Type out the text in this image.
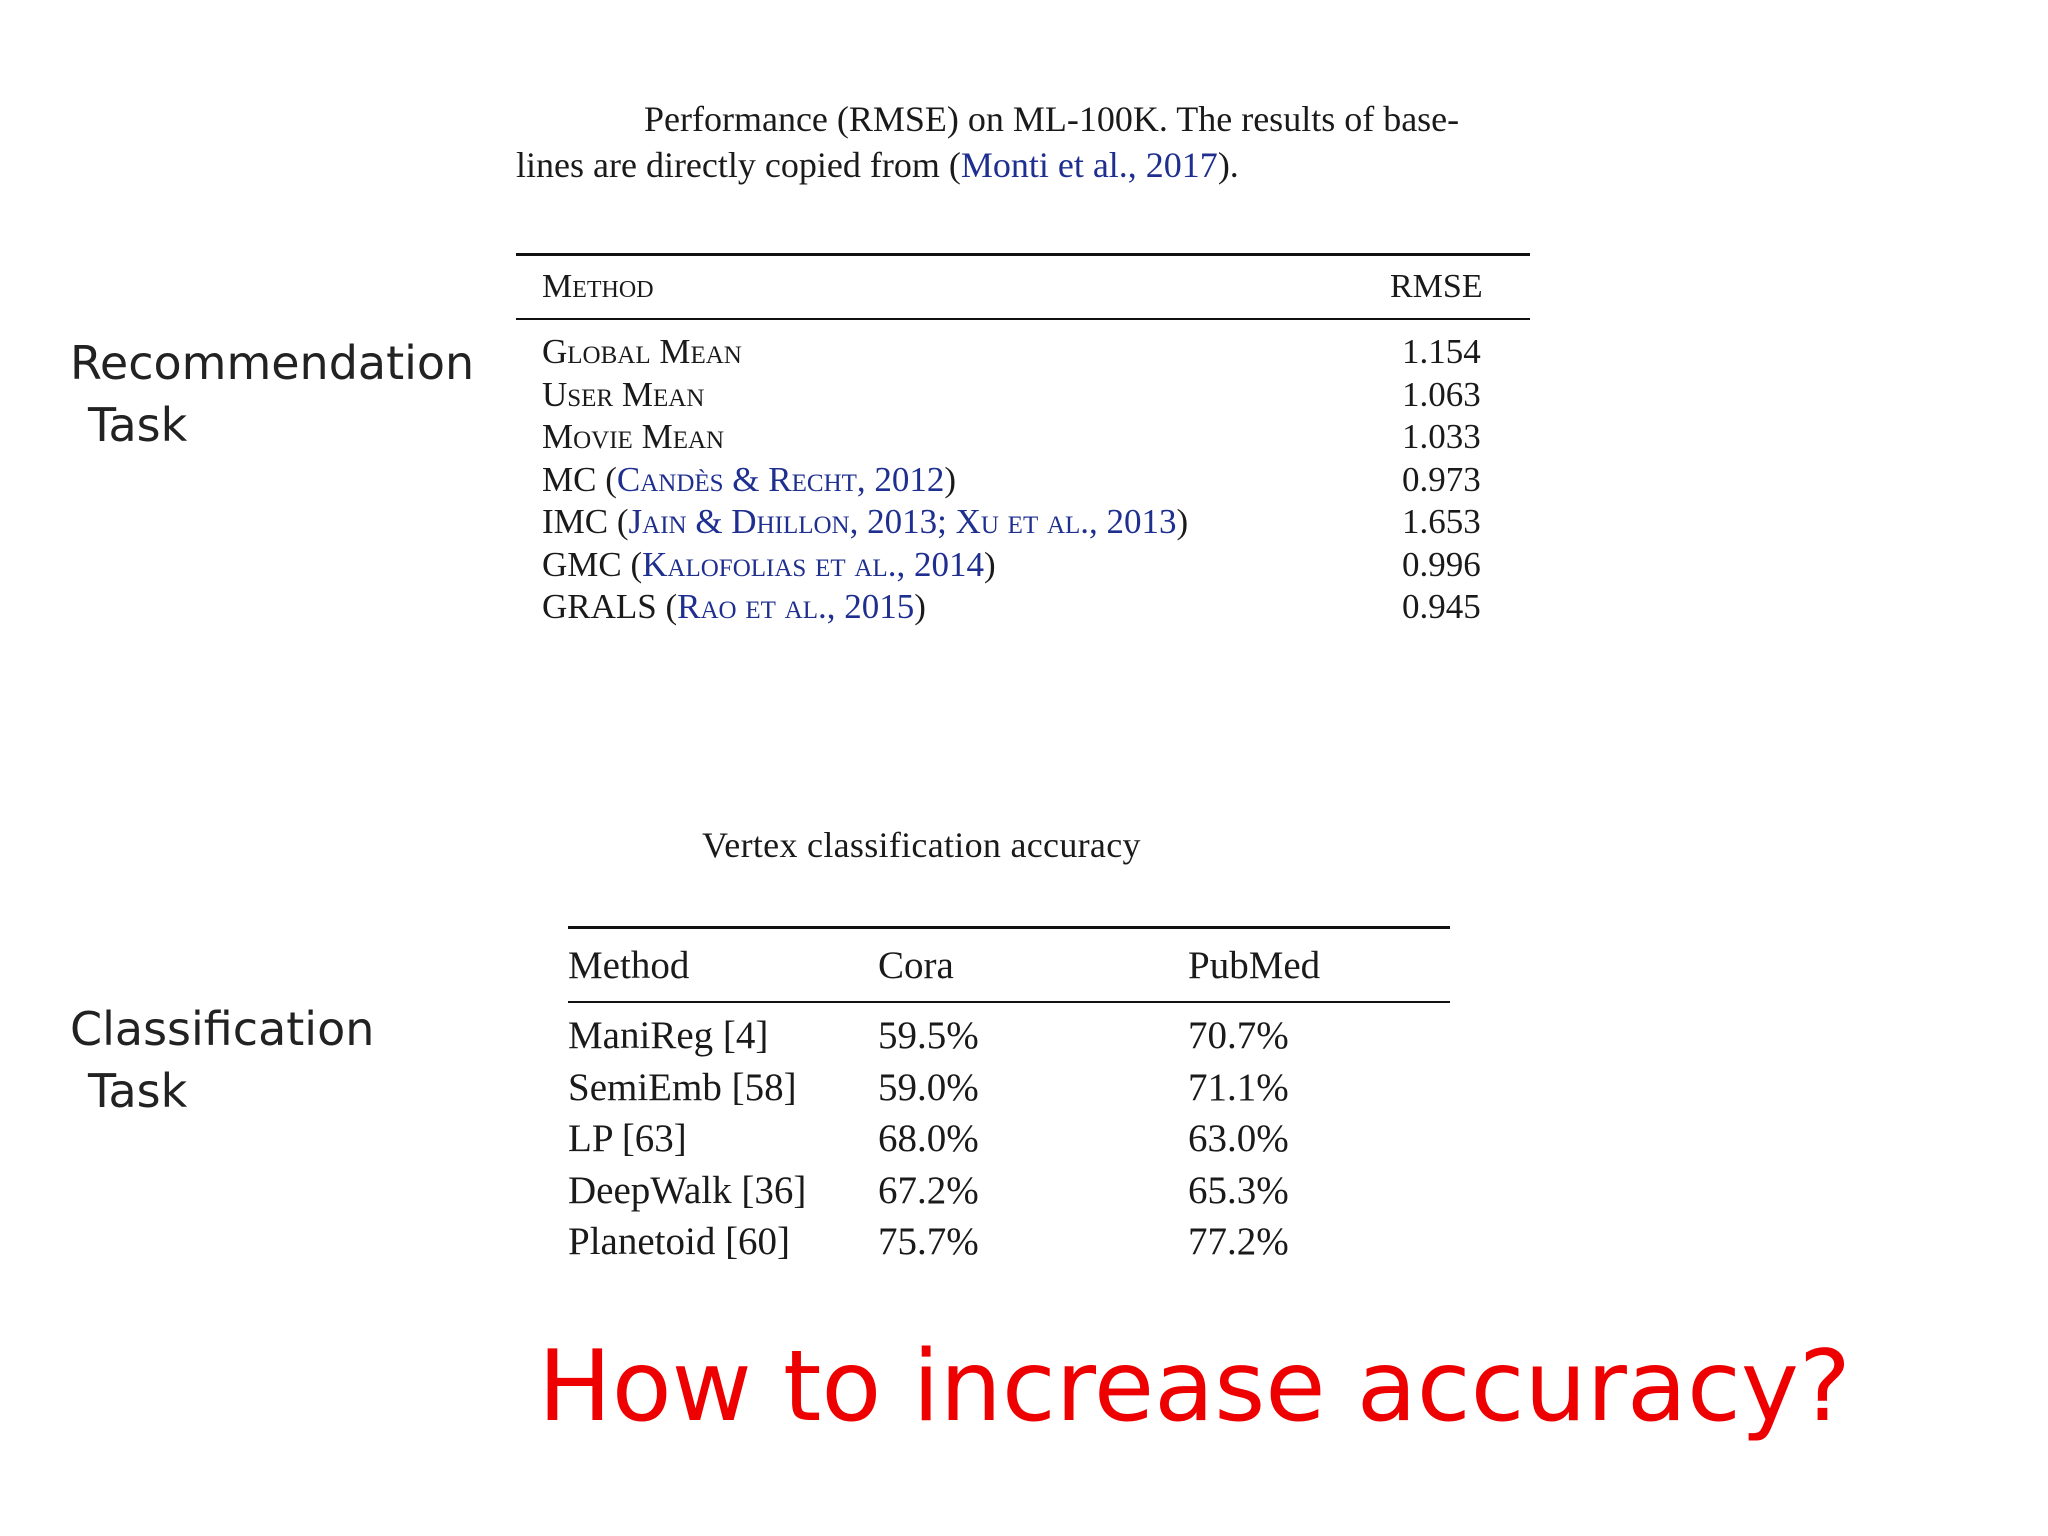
Recommendation
Task
Classification
Task
Performance (RMSE) on ML-100K. The results of base-
lines are directly copied from (Monti et al., 2017).
Method	RMSE
Global Mean	1.154
User Mean	1.063
Movie Mean	1.033
MC (Candès & Recht, 2012)	0.973
IMC (Jain & Dhillon, 2013; Xu et al., 2013)	1.653
GMC (Kalofolias et al., 2014)	0.996
GRALS (Rao et al., 2015)	0.945
Vertex classification accuracy
Method	Cora	PubMed
ManiReg [4]	59.5%	70.7%
SemiEmb [58]	59.0%	71.1%
LP [63]	68.0%	63.0%
DeepWalk [36]	67.2%	65.3%
Planetoid [60]	75.7%	77.2%
How to increase accuracy?
